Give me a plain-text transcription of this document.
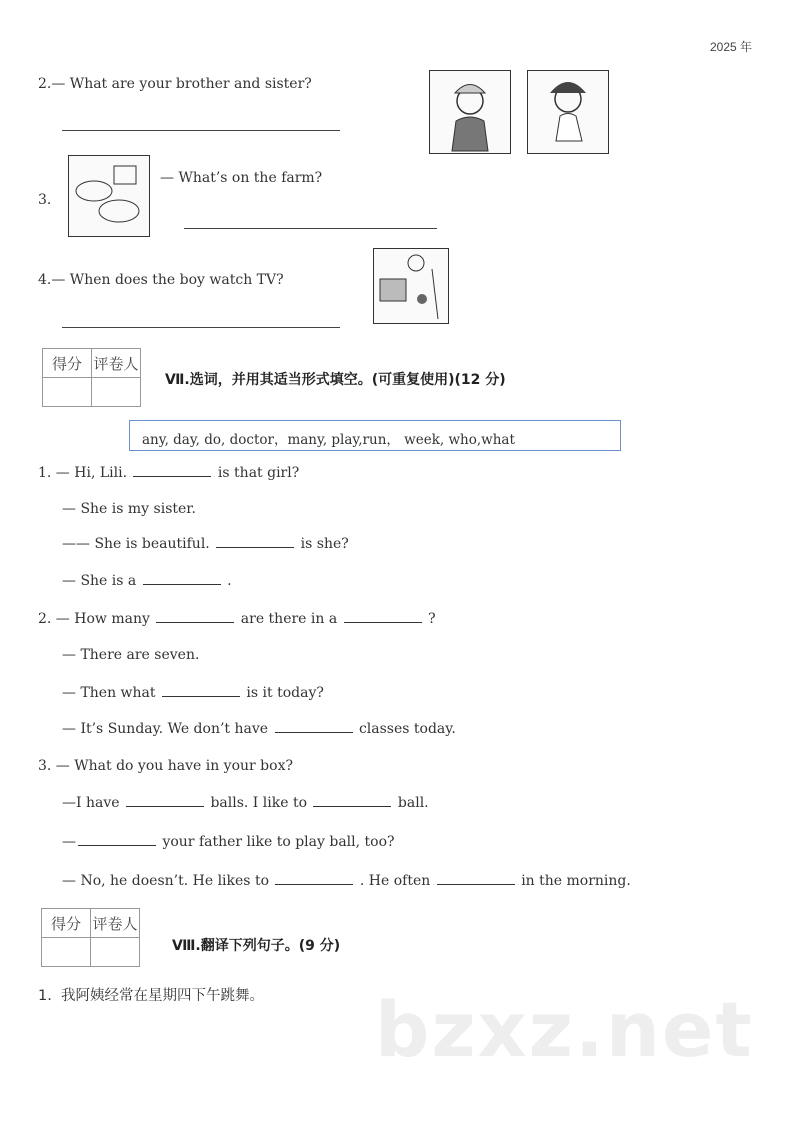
2025 年
2.— What are your brother and sister?
3.
— What’s on the farm?
4.— When does the boy watch TV?
得分	评卷人

Ⅶ.选词，并用其适当形式填空。(可重复使用)(12 分)
any, day, do, doctor，many, play,run， week, who,what
1. — Hi, Lili.	is that girl?
— She is my sister.
—— She is beautiful.	is she?
— She is a	.
2. — How many	are there in a	?
— There are seven.
— Then what	is it today?
— It’s Sunday. We don’t have	classes today.
3. — What do you have in your box?
—I have	balls. I like to	ball.
—	your father like to play ball, too?
— No, he doesn’t. He likes to	. He often	in the morning.
得分	评卷人

Ⅷ.翻译下列句子。(9 分)
1.  我阿姨经常在星期四下午跳舞。 bzxz.net
